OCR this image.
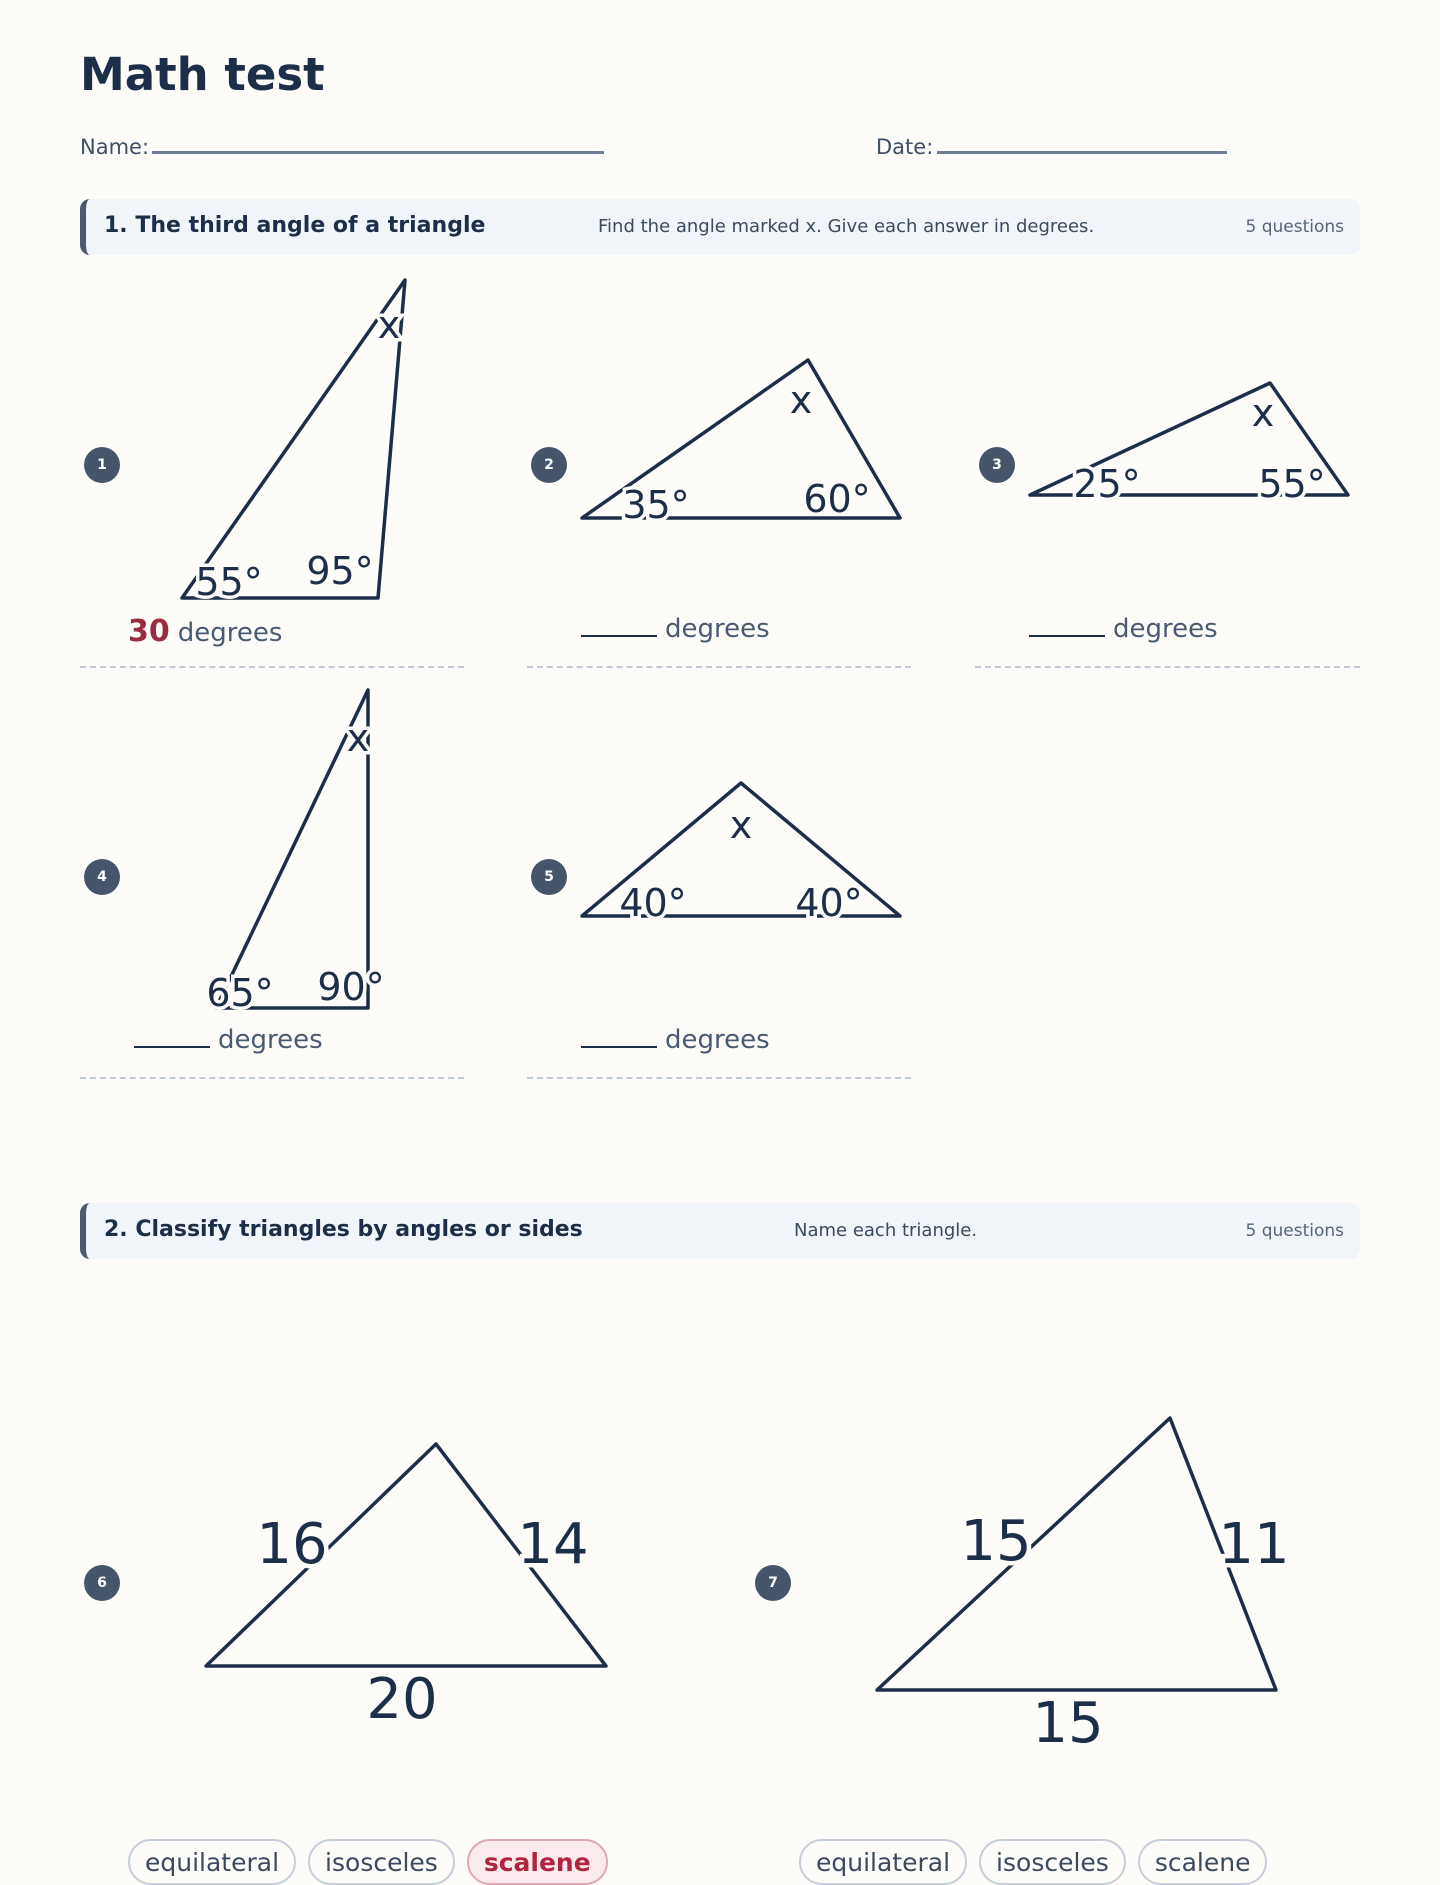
Math test
Name:	Date:
1. The third angle of a triangle	Find the angle marked x. Give each answer in degrees.	5 questions
1
x
55° 95°
30 degrees
2
x
35°	60°
degrees
3
x
25°	55°
degrees
4
x
65° 90°
degrees
5
x
40°	40°
degrees
2. Classify triangles by angles or sides	Name each triangle.	5 questions
6
16	14
20
equilateral	isosceles	scalene
7
15	11
15
equilateral	isosceles	scalene
